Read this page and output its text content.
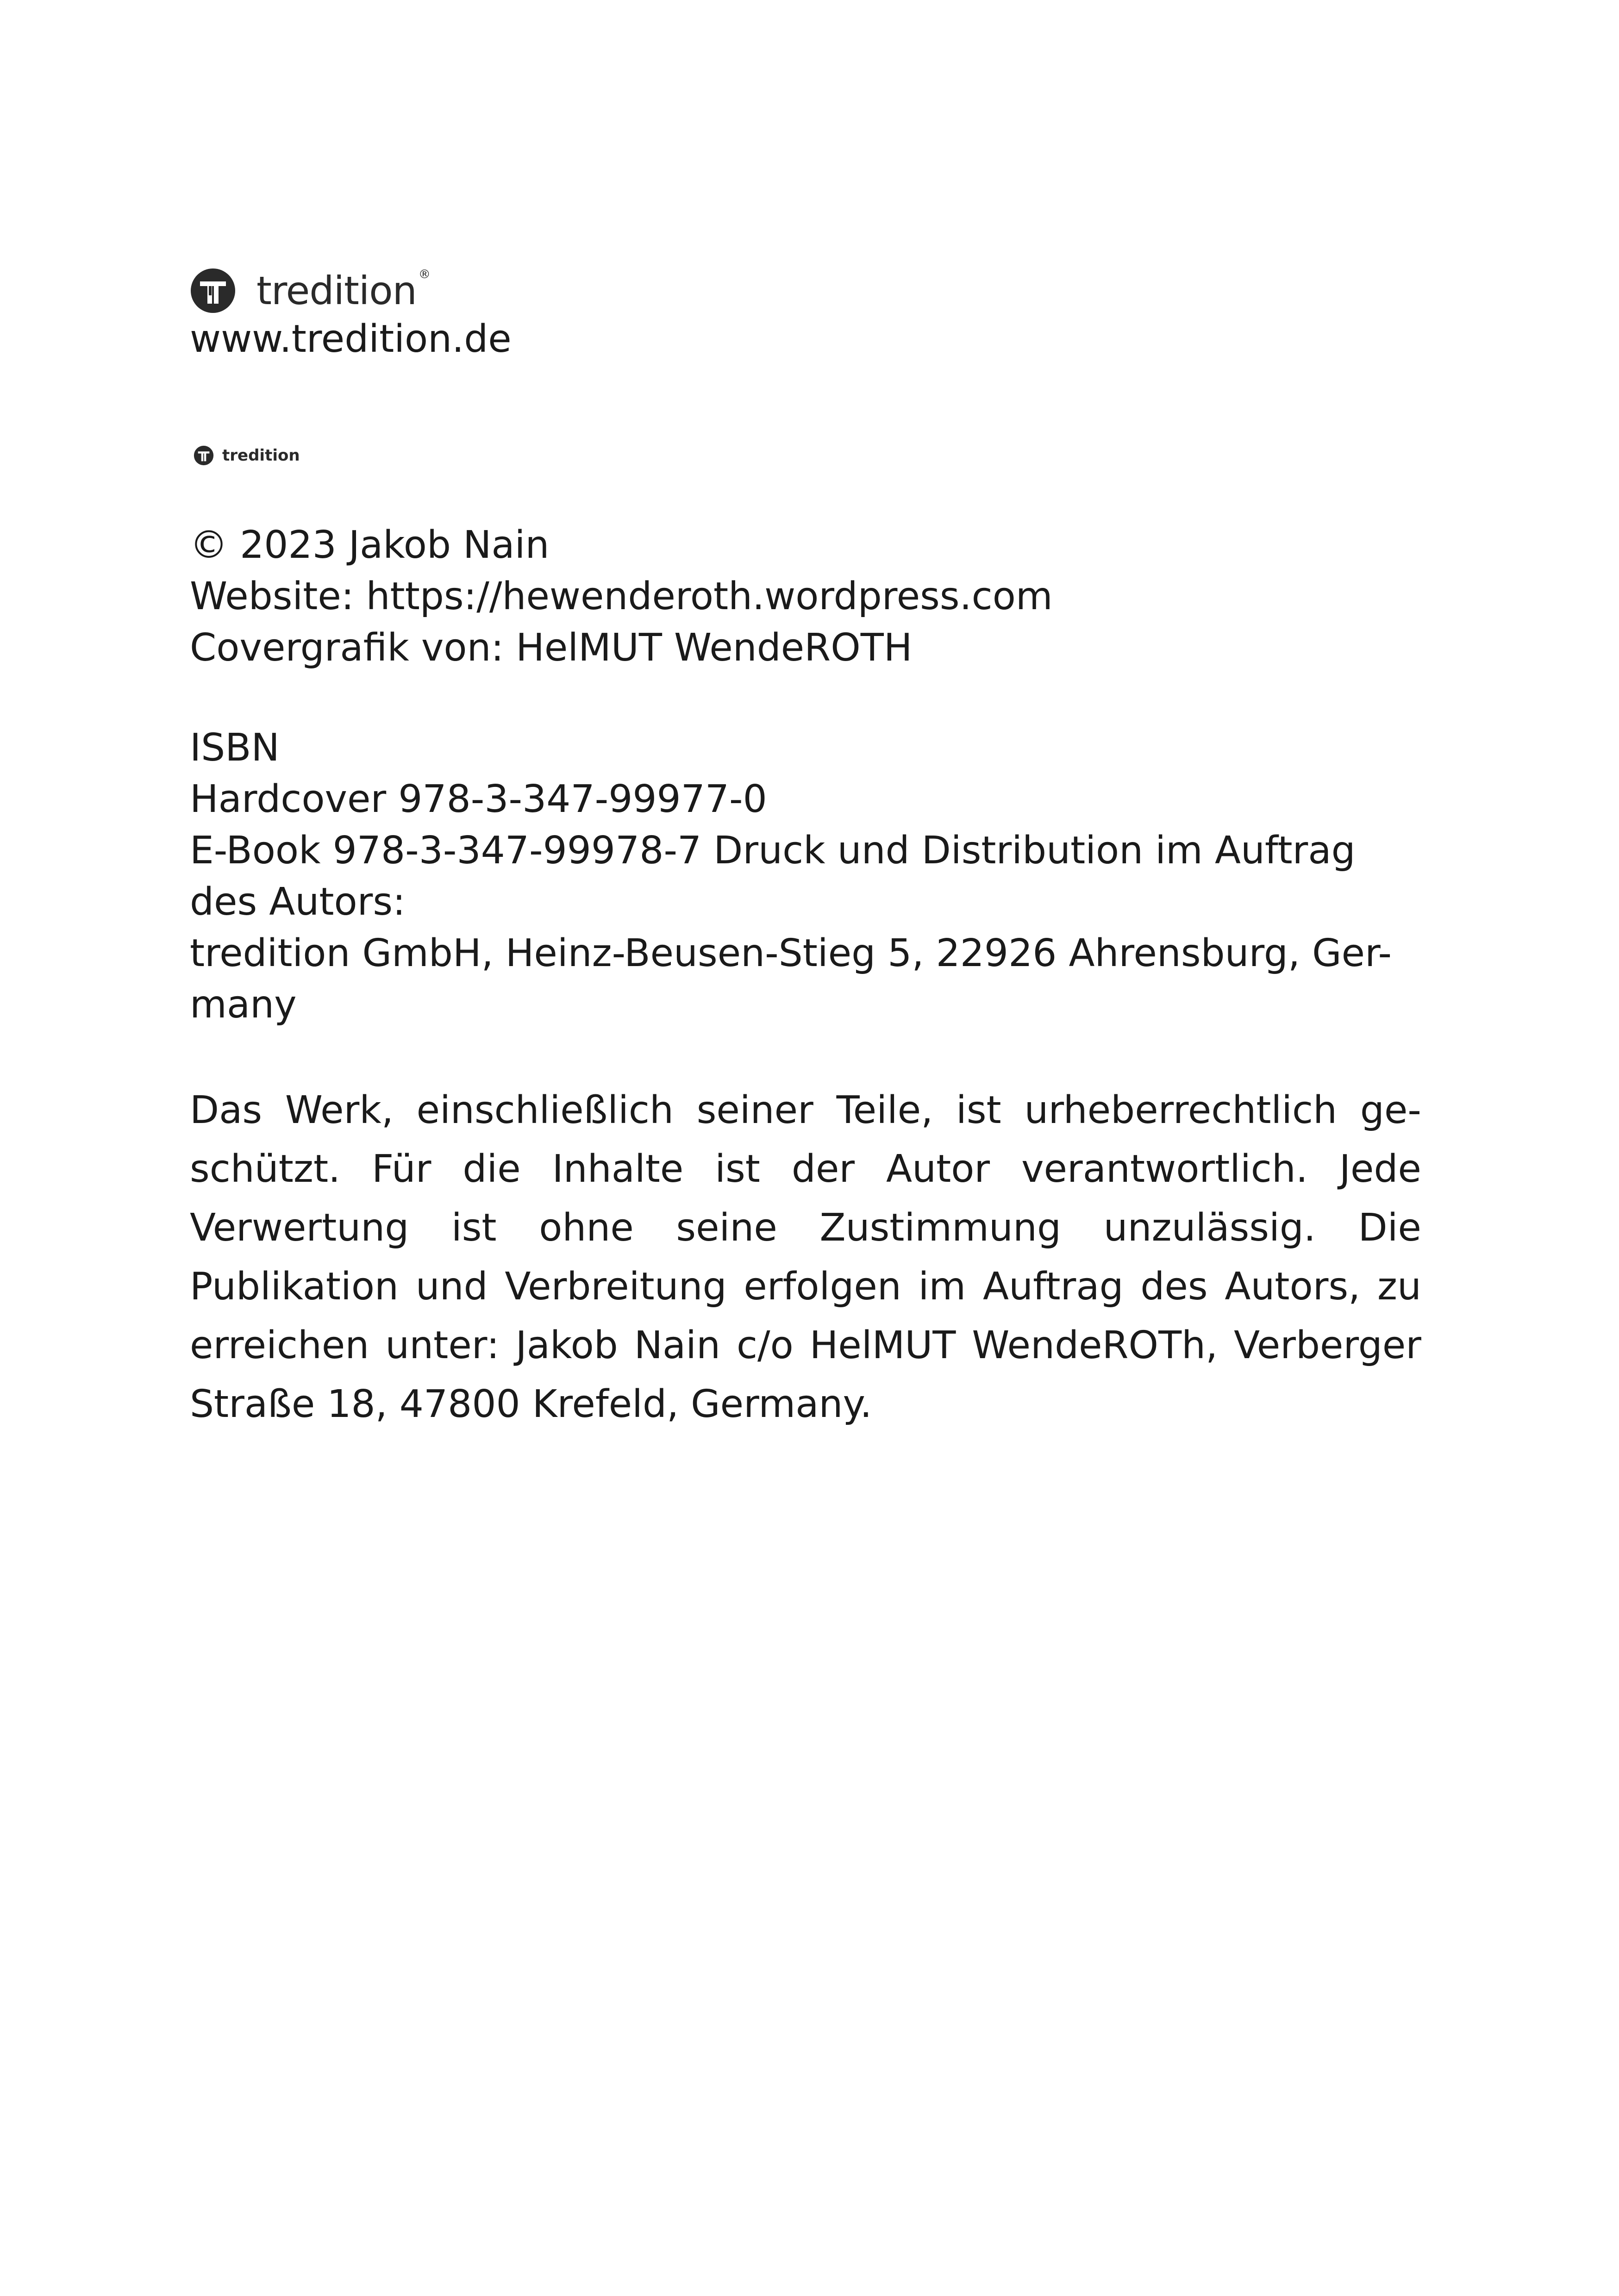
tredition ®
www.tredition.de
tredition
© 2023 Jakob Nain
Website: https://hewenderoth.wordpress.com
Covergrafik von: HelMUT WendeROTH
ISBN
Hardcover 978-3-347-99977-0
E-Book 978-3-347-99978-7 Druck und Distribution im Auftrag
des Autors:
tredition GmbH, Heinz-Beusen-Stieg 5, 22926 Ahrensburg, Ger-
many
Das Werk, einschließlich seiner Teile, ist urheberrechtlich geschützt. Für die Inhalte ist der Autor verantwortlich. Jede Verwertung ist ohne seine Zustimmung unzulässig. Die Publikation und Verbreitung erfolgen im Auftrag des Autors, zu erreichen unter: Jakob Nain c/o HelMUT WendeROTh, Verberger Straße 18, 47800 Krefeld, Germany.
